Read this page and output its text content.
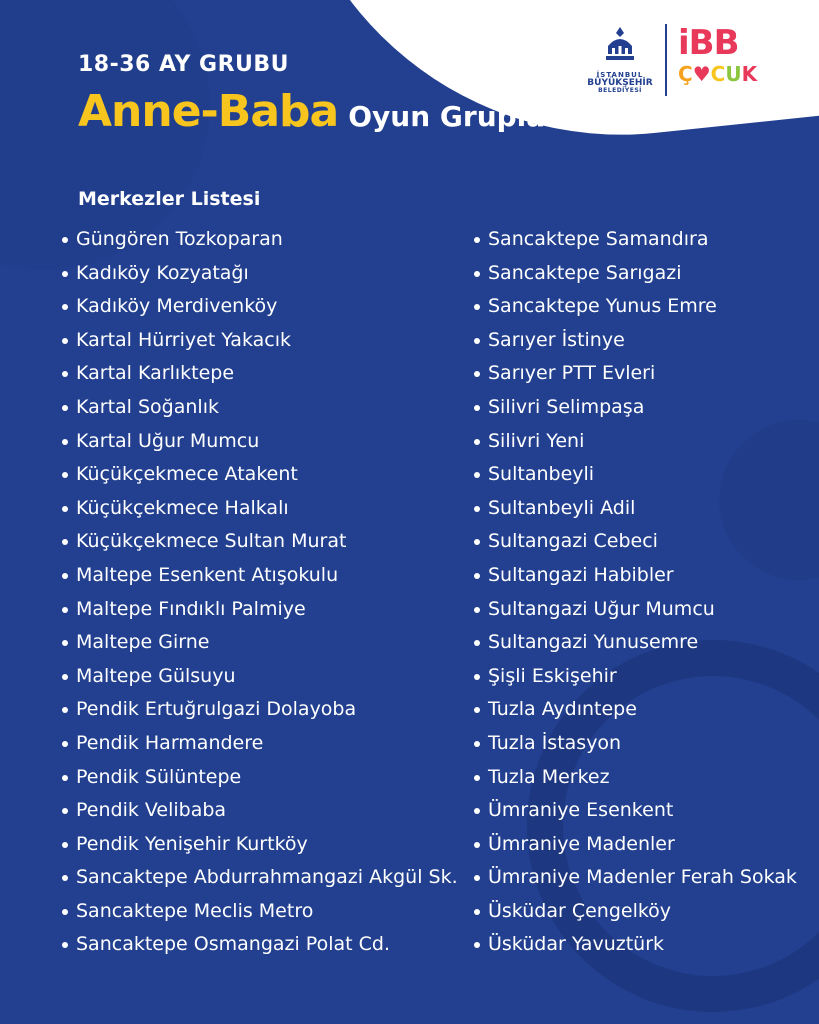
İSTANBUL
BÜYÜKŞEHİR
BELEDİYESİ
iBB
Ç♥CUK
18-36 AY GRUBU
Anne-Baba Oyun Grupları
Merkezler Listesi
Güngören Tozkoparan
Kadıköy Kozyatağı
Kadıköy Merdivenköy
Kartal Hürriyet Yakacık
Kartal Karlıktepe
Kartal Soğanlık
Kartal Uğur Mumcu
Küçükçekmece Atakent
Küçükçekmece Halkalı
Küçükçekmece Sultan Murat
Maltepe Esenkent Atışokulu
Maltepe Fındıklı Palmiye
Maltepe Girne
Maltepe Gülsuyu
Pendik Ertuğrulgazi Dolayoba
Pendik Harmandere
Pendik Sülüntepe
Pendik Velibaba
Pendik Yenişehir Kurtköy
Sancaktepe Abdurrahmangazi Akgül Sk.
Sancaktepe Meclis Metro
Sancaktepe Osmangazi Polat Cd.
Sancaktepe Samandıra
Sancaktepe Sarıgazi
Sancaktepe Yunus Emre
Sarıyer İstinye
Sarıyer PTT Evleri
Silivri Selimpaşa
Silivri Yeni
Sultanbeyli
Sultanbeyli Adil
Sultangazi Cebeci
Sultangazi Habibler
Sultangazi Uğur Mumcu
Sultangazi Yunusemre
Şişli Eskişehir
Tuzla Aydıntepe
Tuzla İstasyon
Tuzla Merkez
Ümraniye Esenkent
Ümraniye Madenler
Ümraniye Madenler Ferah Sokak
Üsküdar Çengelköy
Üsküdar Yavuztürk
